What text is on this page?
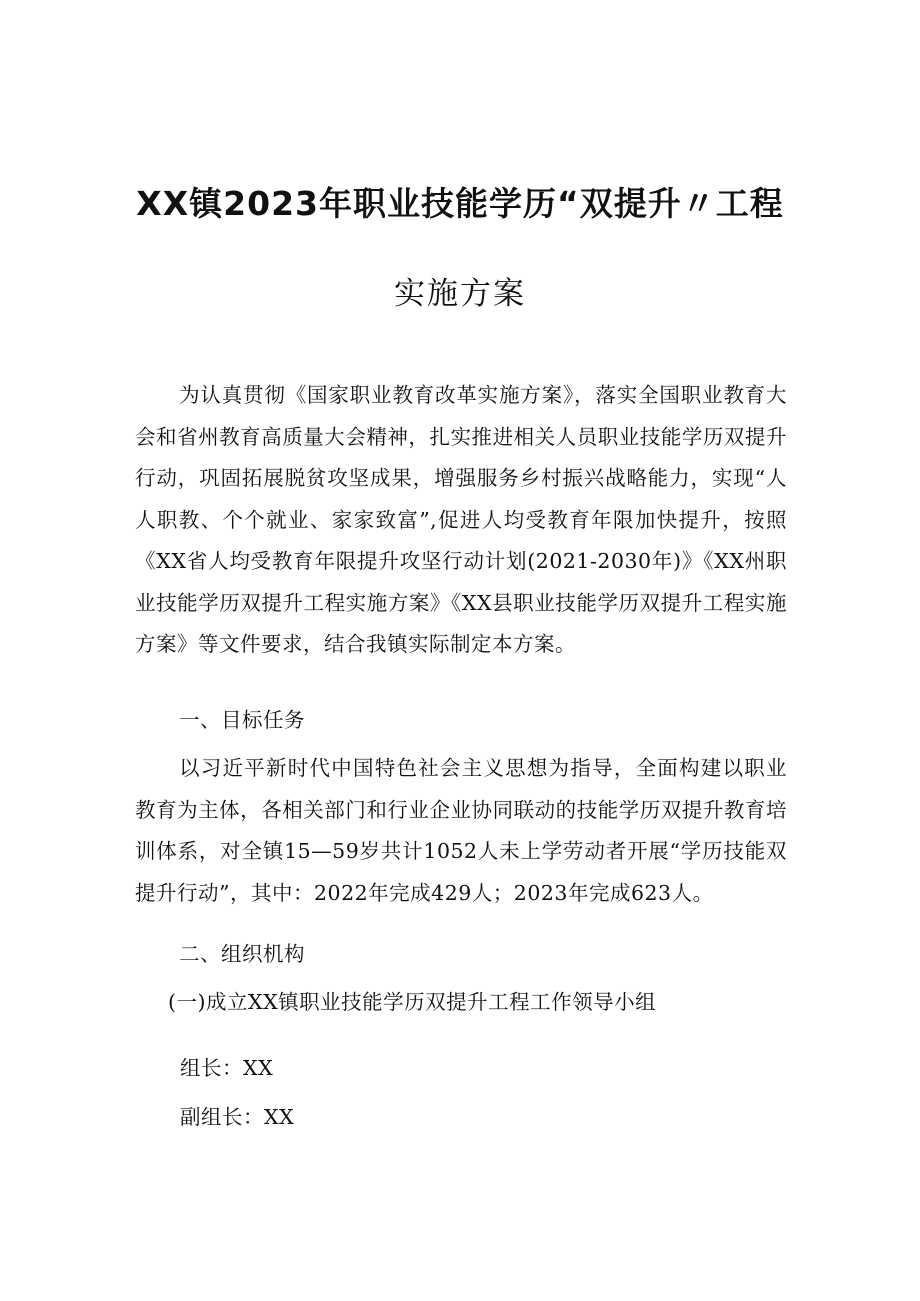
XX镇2023年职业技能学历“双提升〃工程
实施方案
为认真贯彻《国家职业教育改革实施方案》，落实全国职业教育大会和省州教育高质量大会精神，扎实推进相关人员职业技能学历双提升行动，巩固拓展脱贫攻坚成果，增强服务乡村振兴战略能力，实现“人人职教、个个就业、家家致富”,促进人均受教育年限加快提升，按照《XX省人均受教育年限提升攻坚行动计划(2021-2030年)》《XX州职业技能学历双提升工程实施方案》《XX县职业技能学历双提升工程实施方案》等文件要求，结合我镇实际制定本方案。
一、目标任务
以习近平新时代中国特色社会主义思想为指导，全面构建以职业教育为主体，各相关部门和行业企业协同联动的技能学历双提升教育培训体系，对全镇15—59岁共计1052人未上学劳动者开展“学历技能双提升行动”，其中：2022年完成429人；2023年完成623人。
二、组织机构
(一)成立XX镇职业技能学历双提升工程工作领导小组
组长：XX
副组长：XX
